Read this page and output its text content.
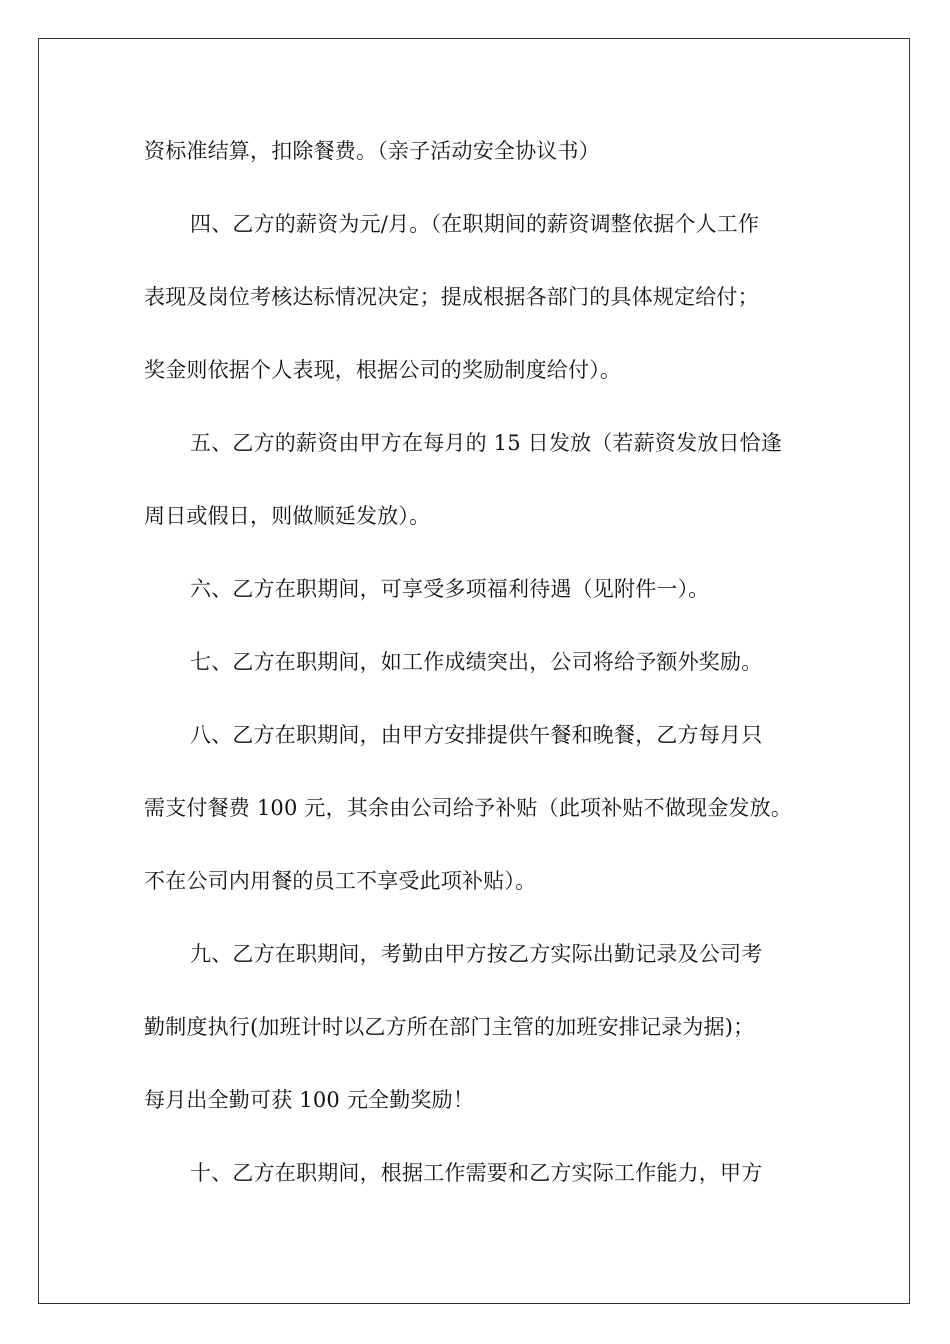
资标准结算，扣除餐费。（亲子活动安全协议书）
四、乙方的薪资为元/月。（在职期间的薪资调整依据个人工作
表现及岗位考核达标情况决定；提成根据各部门的具体规定给付；
奖金则依据个人表现，根据公司的奖励制度给付）。
五、乙方的薪资由甲方在每月的 15 日发放（若薪资发放日恰逢
周日或假日，则做顺延发放）。
六、乙方在职期间，可享受多项福利待遇（见附件一）。
七、乙方在职期间，如工作成绩突出，公司将给予额外奖励。
八、乙方在职期间，由甲方安排提供午餐和晚餐，乙方每月只
需支付餐费 100 元，其余由公司给予补贴（此项补贴不做现金发放。
不在公司内用餐的员工不享受此项补贴）。
九、乙方在职期间，考勤由甲方按乙方实际出勤记录及公司考
勤制度执行(加班计时以乙方所在部门主管的加班安排记录为据)；
每月出全勤可获 100 元全勤奖励！
十、乙方在职期间，根据工作需要和乙方实际工作能力，甲方
